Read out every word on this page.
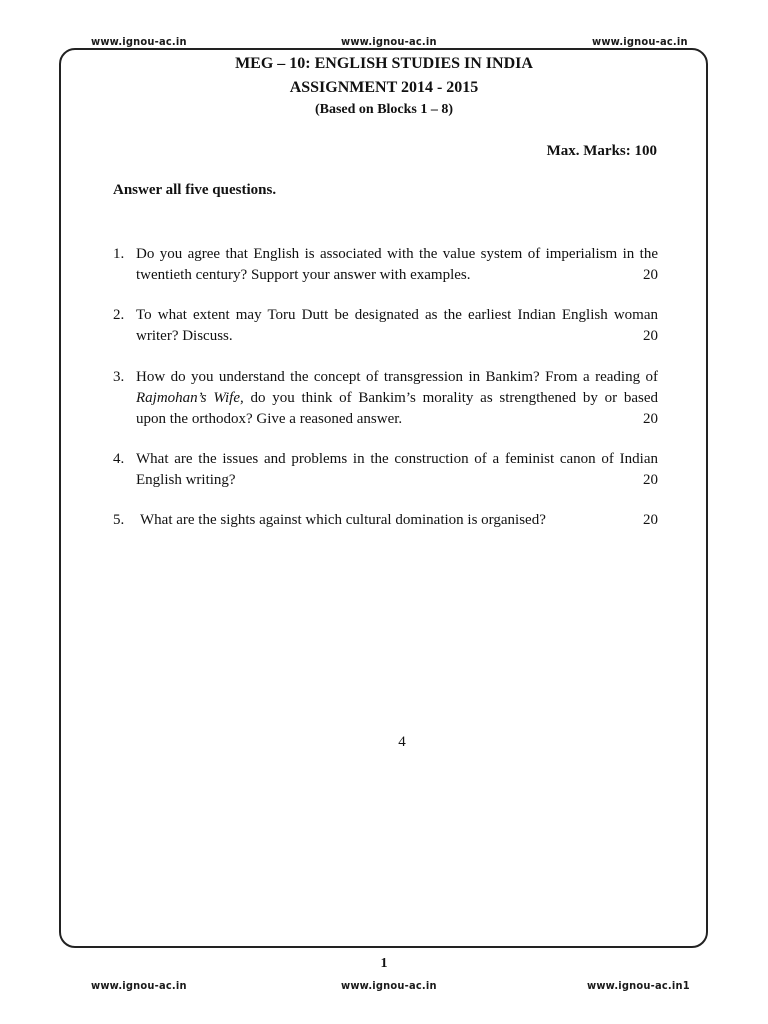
www.ignou-ac.in	www.ignou-ac.in	www.ignou-ac.in
MEG – 10: ENGLISH STUDIES IN INDIA
ASSIGNMENT 2014 - 2015
(Based on Blocks 1 – 8)
Max. Marks: 100
Answer all five questions.
1. Do you agree that English is associated with the value system of imperialism in the
twentieth century? Support your answer with examples.	20
2. To what extent may Toru Dutt be designated as the earliest Indian English woman
writer? Discuss.	20
3. How do you understand the concept of transgression in Bankim? From a reading of
Rajmohan’s Wife, do you think of Bankim’s morality as strengthened by or based
upon the orthodox? Give a reasoned answer.	20
4. What are the issues and problems in the construction of a feminist canon of Indian
English writing?	20
5. What are the sights against which cultural domination is organised?	20
4
1
www.ignou-ac.in	www.ignou-ac.in	www.ignou-ac.in1
